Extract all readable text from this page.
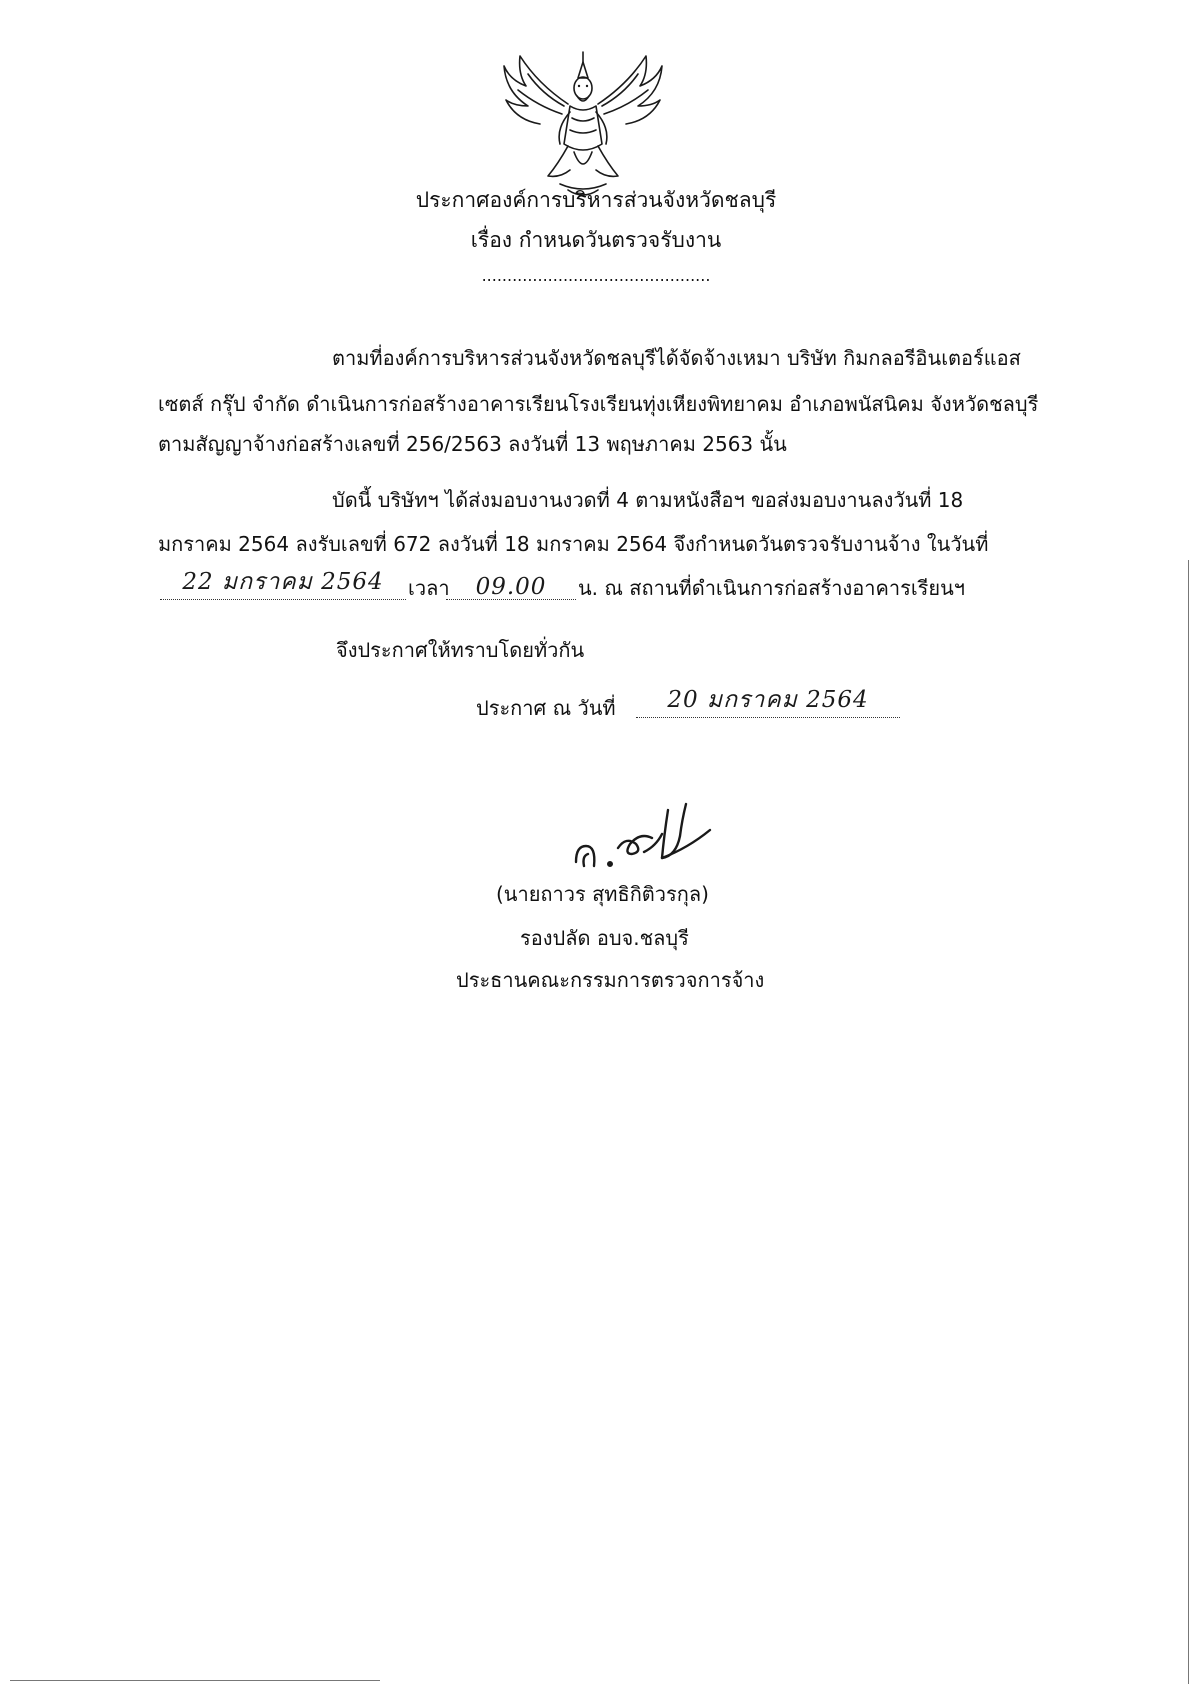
ประกาศองค์การบริหารส่วนจังหวัดชลบุรี
เรื่อง กำหนดวันตรวจรับงาน
.............................................
ตามที่องค์การบริหารส่วนจังหวัดชลบุรีได้จัดจ้างเหมา บริษัท กิมกลอรีอินเตอร์แอส
เซตส์ กรุ๊ป จำกัด ดำเนินการก่อสร้างอาคารเรียนโรงเรียนทุ่งเหียงพิทยาคม อำเภอพนัสนิคม จังหวัดชลบุรี
ตามสัญญาจ้างก่อสร้างเลขที่ 256/2563 ลงวันที่ 13 พฤษภาคม 2563 นั้น
บัดนี้ บริษัทฯ ได้ส่งมอบงานงวดที่ 4 ตามหนังสือฯ ขอส่งมอบงานลงวันที่ 18
มกราคม 2564 ลงรับเลขที่ 672 ลงวันที่ 18 มกราคม 2564 จึงกำหนดวันตรวจรับงานจ้าง ในวันที่
22 มกราคม 2564	เวลา	09.00	น. ณ สถานที่ดำเนินการก่อสร้างอาคารเรียนฯ
จึงประกาศให้ทราบโดยทั่วกัน
ประกาศ ณ วันที่	20 มกราคม 2564
(นายถาวร สุทธิกิติวรกุล)
รองปลัด อบจ.ชลบุรี
ประธานคณะกรรมการตรวจการจ้าง
